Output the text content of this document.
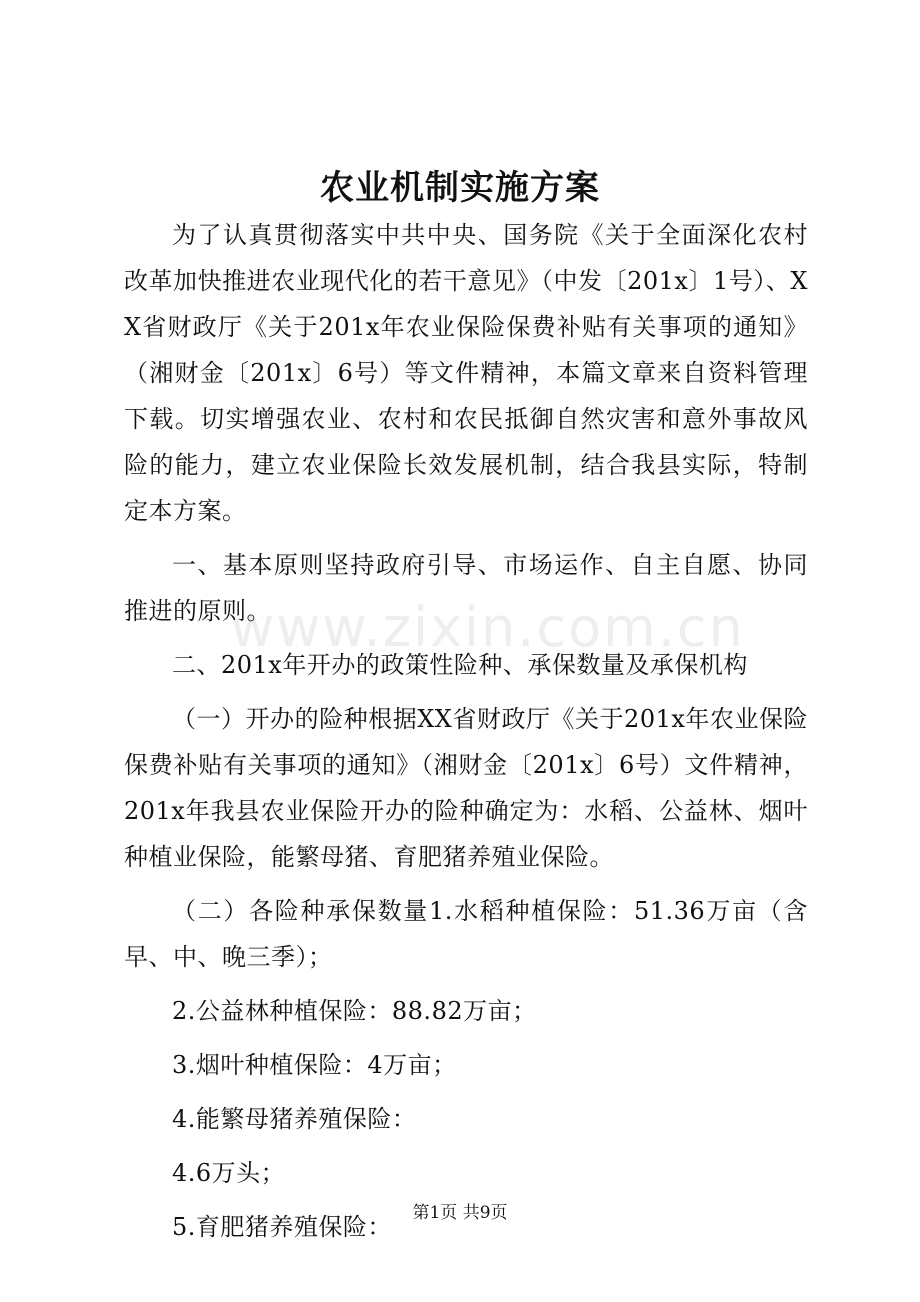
农业机制实施方案

为了认真贯彻落实中共中央、国务院《关于全面深化农村改革加快推进农业现代化的若干意见》（中发〔201x〕1号）、XX省财政厅《关于201x年农业保险保费补贴有关事项的通知》（湘财金〔201x〕6号）等文件精神，本篇文章来自资料管理下载。切实增强农业、农村和农民抵御自然灾害和意外事故风险的能力，建立农业保险长效发展机制，结合我县实际，特制定本方案。

一、基本原则坚持政府引导、市场运作、自主自愿、协同推进的原则。

二、201x年开办的政策性险种、承保数量及承保机构

（一）开办的险种根据XX省财政厅《关于201x年农业保险保费补贴有关事项的通知》（湘财金〔201x〕6号）文件精神，201x年我县农业保险开办的险种确定为：水稻、公益林、烟叶种植业保险，能繁母猪、育肥猪养殖业保险。

（二）各险种承保数量1.水稻种植保险：51.36万亩（含早、中、晚三季）；

2.公益林种植保险：88.82万亩；

3.烟叶种植保险：4万亩；

4.能繁母猪养殖保险：

4.6万头；

5.育肥猪养殖保险：

www.zixin.com.cn
第1页 共9页
